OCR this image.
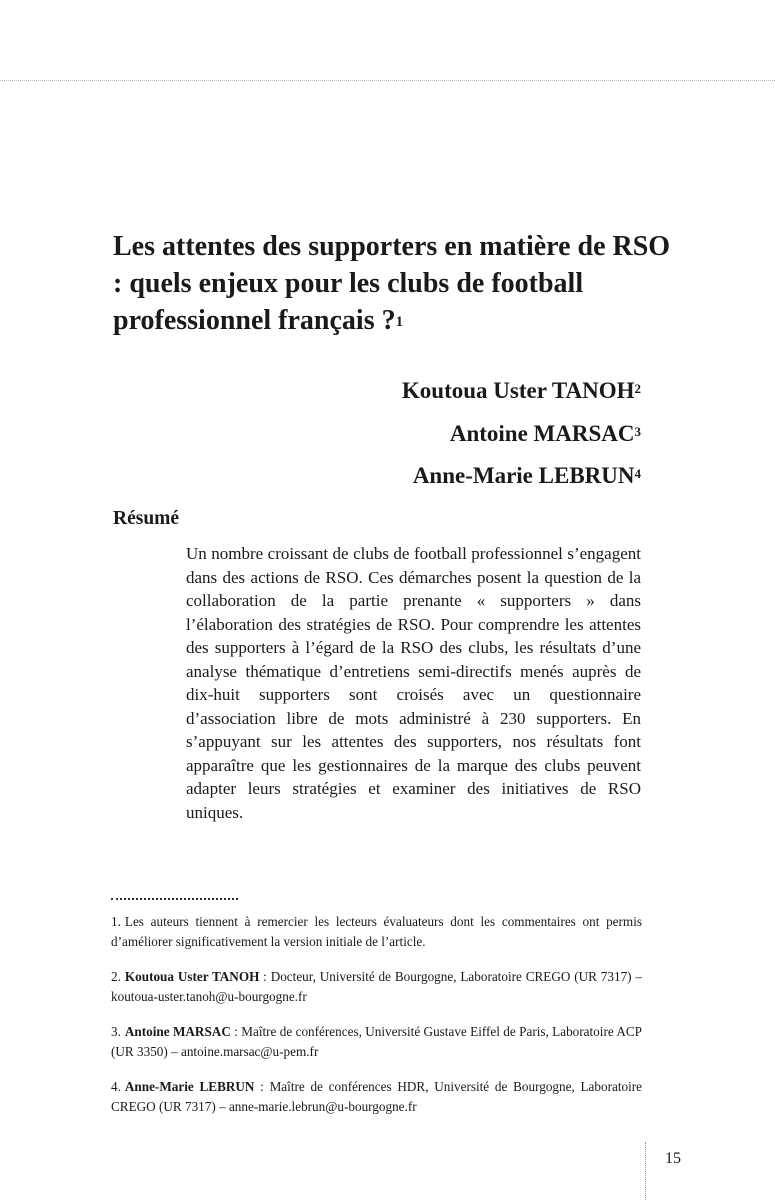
Les attentes des supporters en matière de RSO : quels enjeux pour les clubs de football professionnel français ?$^1$
Koutoua Uster TANOH$^2$
Antoine MARSAC$^3$
Anne-Marie LEBRUN$^4$
Résumé

Un nombre croissant de clubs de football professionnel s’engagent dans des actions de RSO. Ces démarches posent la question de la collaboration de la partie prenante « supporters » dans l’élaboration des stratégies de RSO. Pour comprendre les attentes des supporters à l’égard de la RSO des clubs, les résultats d’une analyse thématique d’entretiens semi-directifs menés auprès de dix-huit supporters sont croisés avec un questionnaire d’association libre de mots administré à 230 supporters. En s’appuyant sur les attentes des supporters, nos résultats font apparaître que les gestionnaires de la marque des clubs peuvent adapter leurs stratégies et examiner des initiatives de RSO uniques.

1. Les auteurs tiennent à remercier les lecteurs évaluateurs dont les commentaires ont permis d’améliorer significativement la version initiale de l’article.

2. Koutoua Uster TANOH : Docteur, Université de Bourgogne, Laboratoire CREGO (UR 7317) – koutoua-uster.tanoh@u-bourgogne.fr

3. Antoine MARSAC : Maître de conférences, Université Gustave Eiffel de Paris, Laboratoire ACP (UR 3350) – antoine.marsac@u-pem.fr

4. Anne-Marie LEBRUN : Maître de conférences HDR, Université de Bourgogne, Laboratoire CREGO (UR 7317) – anne-marie.lebrun@u-bourgogne.fr

15
